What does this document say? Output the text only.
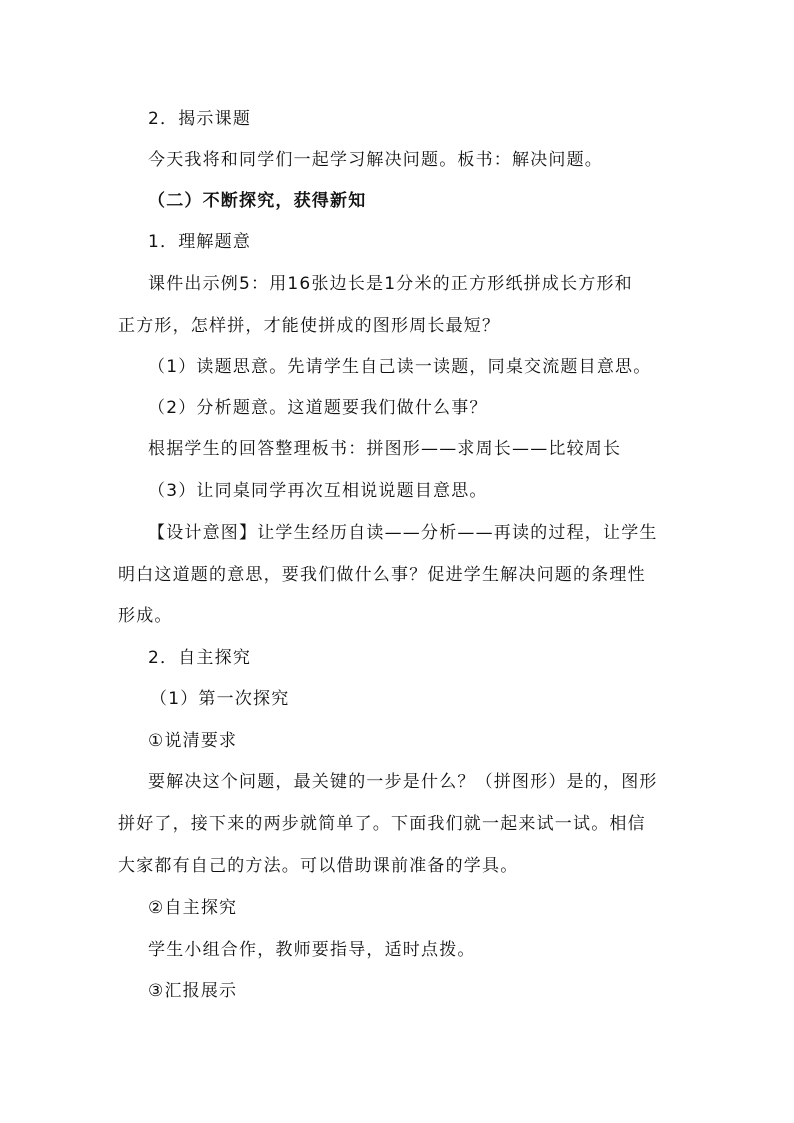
2．揭示课题
今天我将和同学们一起学习解决问题。板书：解决问题。
（二）不断探究，获得新知
1．理解题意
课件出示例5：用16张边长是1分米的正方形纸拼成长方形和
正方形，怎样拼，才能使拼成的图形周长最短？
（1）读题思意。先请学生自己读一读题，同桌交流题目意思。
（2）分析题意。这道题要我们做什么事？
根据学生的回答整理板书：拼图形——求周长——比较周长
（3）让同桌同学再次互相说说题目意思。
【设计意图】让学生经历自读——分析——再读的过程，让学生
明白这道题的意思，要我们做什么事？促进学生解决问题的条理性
形成。
2．自主探究
（1）第一次探究
①说清要求
要解决这个问题，最关键的一步是什么？（拼图形）是的，图形
拼好了，接下来的两步就简单了。下面我们就一起来试一试。相信
大家都有自己的方法。可以借助课前准备的学具。
②自主探究
学生小组合作，教师要指导，适时点拨。
③汇报展示
